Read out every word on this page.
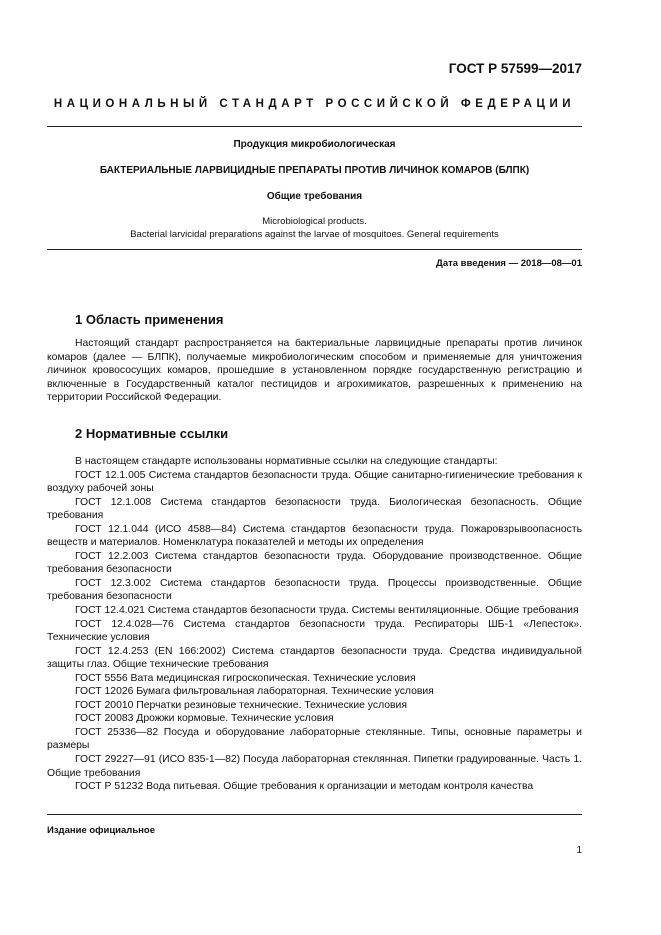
ГОСТ Р 57599—2017
НАЦИОНАЛЬНЫЙ СТАНДАРТ РОССИЙСКОЙ ФЕДЕРАЦИИ
Продукция микробиологическая
БАКТЕРИАЛЬНЫЕ ЛАРВИЦИДНЫЕ ПРЕПАРАТЫ ПРОТИВ ЛИЧИНОК КОМАРОВ (БЛПК)
Общие требования
Microbiological products.
Bacterial larvicidal preparations against the larvae of mosquitoes. General requirements
Дата введения — 2018—08—01
1 Область применения
Настоящий стандарт распространяется на бактериальные ларвицидные препараты против личинок комаров (далее — БЛПК), получаемые микробиологическим способом и применяемые для уничтожения личинок кровососущих комаров, прошедшие в установленном порядке государственную регистрацию и включенные в Государственный каталог пестицидов и агрохимикатов, разрешенных к применению на территории Российской Федерации.
2 Нормативные ссылки

В настоящем стандарте использованы нормативные ссылки на следующие стандарты:

ГОСТ 12.1.005 Система стандартов безопасности труда. Общие санитарно-гигиенические требования к воздуху рабочей зоны

ГОСТ 12.1.008 Система стандартов безопасности труда. Биологическая безопасность. Общие требования

ГОСТ 12.1.044 (ИСО 4588—84) Система стандартов безопасности труда. Пожаровзрывоопасность веществ и материалов. Номенклатура показателей и методы их определения

ГОСТ 12.2.003 Система стандартов безопасности труда. Оборудование производственное. Общие требования безопасности

ГОСТ 12.3.002 Система стандартов безопасности труда. Процессы производственные. Общие требования безопасности

ГОСТ 12.4.021 Система стандартов безопасности труда. Системы вентиляционные. Общие требования

ГОСТ 12.4.028—76 Система стандартов безопасности труда. Респираторы ШБ-1 «Лепесток». Технические условия

ГОСТ 12.4.253 (EN 166:2002) Система стандартов безопасности труда. Средства индивидуальной защиты глаз. Общие технические требования

ГОСТ 5556 Вата медицинская гигроскопическая. Технические условия

ГОСТ 12026 Бумага фильтровальная лабораторная. Технические условия

ГОСТ 20010 Перчатки резиновые технические. Технические условия

ГОСТ 20083 Дрожжи кормовые. Технические условия

ГОСТ 25336—82 Посуда и оборудование лабораторные стеклянные. Типы, основные параметры и размеры

ГОСТ 29227—91 (ИСО 835-1—82) Посуда лабораторная стеклянная. Пипетки градуированные. Часть 1. Общие требования

ГОСТ Р 51232 Вода питьевая. Общие требования к организации и методам контроля качества

Издание официальное
1
